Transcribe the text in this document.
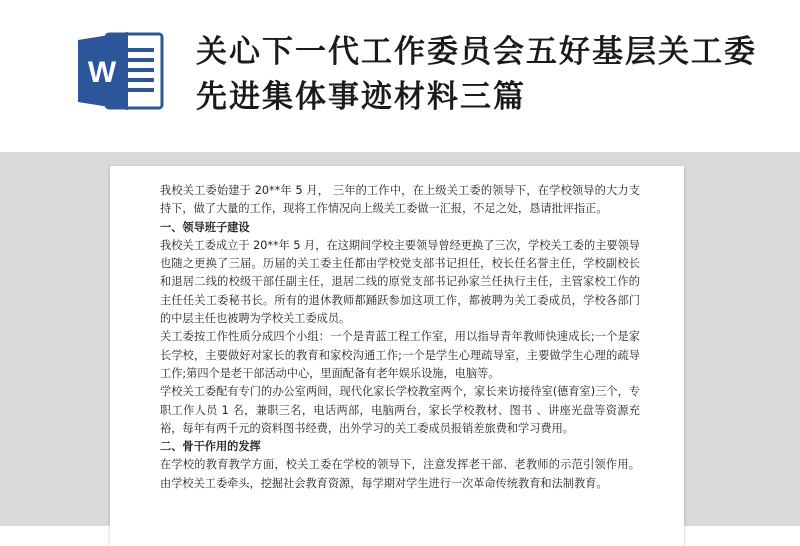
W
关心下一代工作委员会五好基层关工委先进集体事迹材料三篇

我校关工委始建于 20**年 5 月， 三年的工作中，在上级关工委的领导下，在学校领导的大力支持下，做了大量的工作，现将工作情况向上级关工委做一汇报，不足之处，恳请批评指正。

一、领导班子建设

我校关工委成立于 20**年 5 月，在这期间学校主要领导曾经更换了三次，学校关工委的主要领导也随之更换了三届。历届的关工委主任都由学校党支部书记担任，校长任名誉主任，学校副校长和退居二线的校级干部任副主任，退居二线的原党支部书记孙家兰任执行主任，主管家校工作的主任任关工委秘书长。所有的退休教师都踊跃参加这项工作，都被聘为关工委成员，学校各部门的中层主任也被聘为学校关工委成员。

关工委按工作性质分成四个小组：一个是青蓝工程工作室，用以指导青年教师快速成长;一个是家长学校，主要做好对家长的教育和家校沟通工作;一个是学生心理疏导室，主要做学生心理的疏导工作;第四个是老干部活动中心，里面配备有老年娱乐设施，电脑等。

学校关工委配有专门的办公室两间，现代化家长学校教室两个，家长来访接待室(德育室)三个，专职工作人员 1 名，兼职三名，电话两部，电脑两台，家长学校教材、图书 、讲座光盘等资源充裕，每年有两千元的资料图书经费，出外学习的关工委成员报销差旅费和学习费用。

二、骨干作用的发挥

在学校的教育教学方面，校关工委在学校的领导下，注意发挥老干部、老教师的示范引领作用。由学校关工委牵头，挖掘社会教育资源，每学期对学生进行一次革命传统教育和法制教育。
